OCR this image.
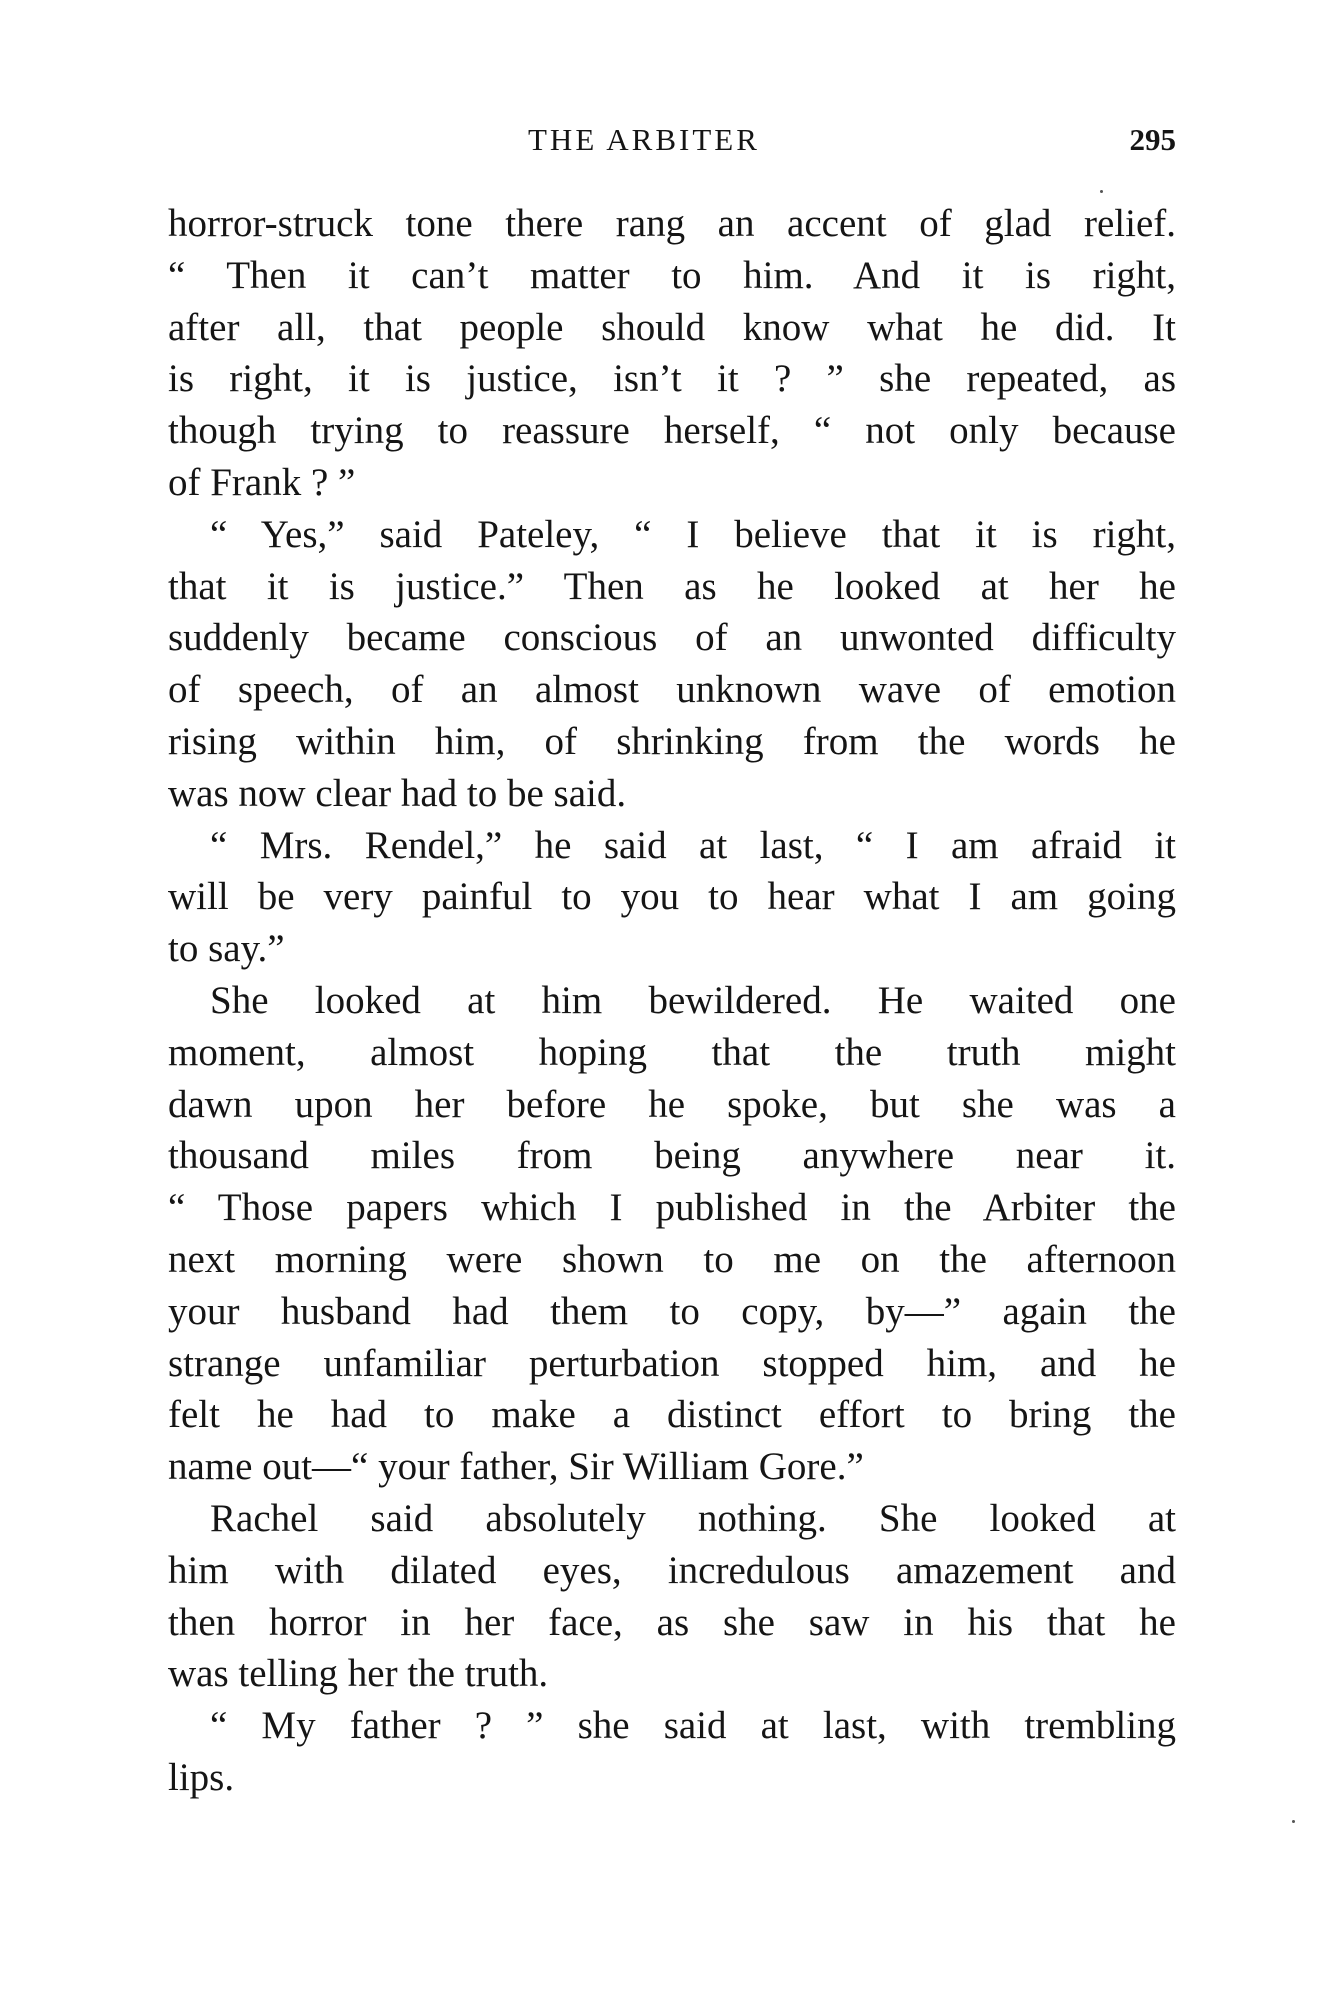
THE ARBITER	295
horror-struck tone there rang an accent of glad relief.
“ Then it can’t matter to him. And it is right,
after all, that people should know what he did. It
is right, it is justice, isn’t it ? ” she repeated, as
though trying to reassure herself, “ not only because
of Frank ? ”
“ Yes,” said Pateley, “ I believe that it is right,
that it is justice.” Then as he looked at her he
suddenly became conscious of an unwonted difficulty
of speech, of an almost unknown wave of emotion
rising within him, of shrinking from the words he
was now clear had to be said.
“ Mrs. Rendel,” he said at last, “ I am afraid it
will be very painful to you to hear what I am going
to say.”
She looked at him bewildered. He waited one
moment, almost hoping that the truth might
dawn upon her before he spoke, but she was a
thousand miles from being anywhere near it.
“ Those papers which I published in the Arbiter the
next morning were shown to me on the afternoon
your husband had them to copy, by—” again the
strange unfamiliar perturbation stopped him, and he
felt he had to make a distinct effort to bring the
name out—“ your father, Sir William Gore.”
Rachel said absolutely nothing. She looked at
him with dilated eyes, incredulous amazement and
then horror in her face, as she saw in his that he
was telling her the truth.
“ My father ? ” she said at last, with trembling
lips.
